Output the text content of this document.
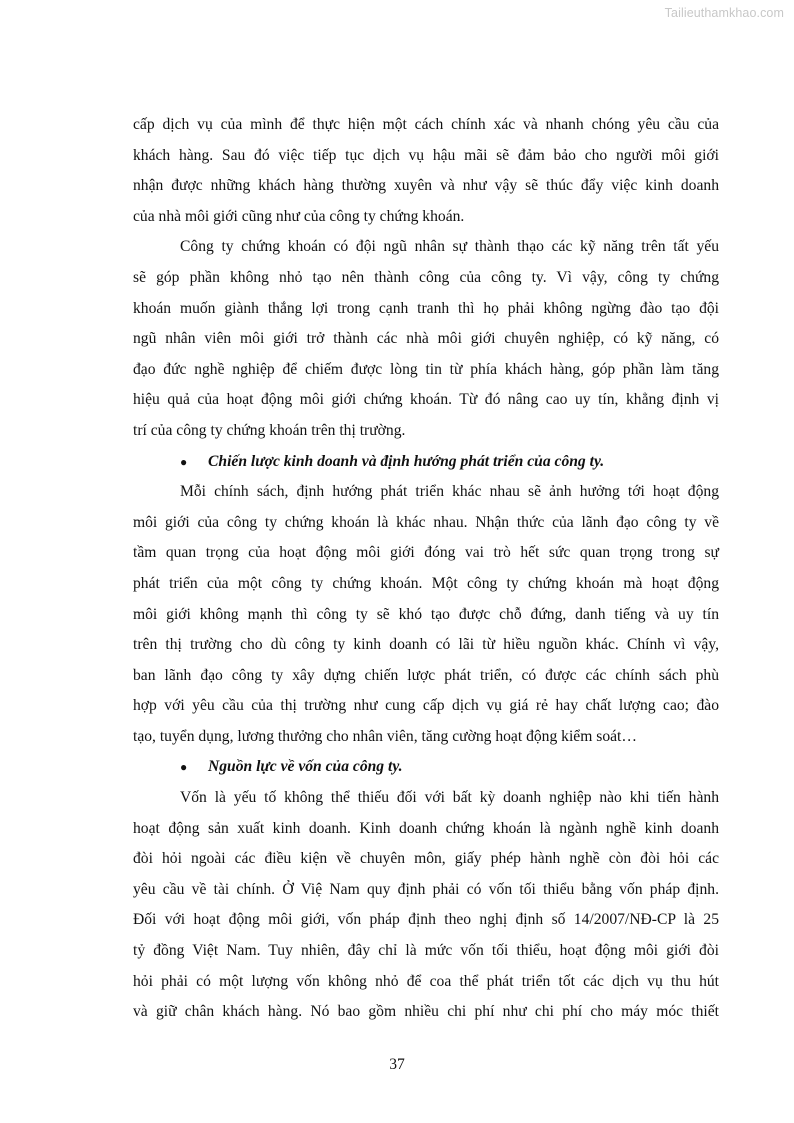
Tailieuthamkhao.com

cấp dịch vụ của mình để thực hiện một cách chính xác và nhanh chóng yêu cầu của
khách hàng. Sau đó việc tiếp tục dịch vụ hậu mãi sẽ đảm bảo cho người môi giới
nhận được những khách hàng thường xuyên và như vậy sẽ thúc đẩy việc kinh doanh
của nhà môi giới cũng như của công ty chứng khoán.

Công ty chứng khoán có đội ngũ nhân sự thành thạo các kỹ năng trên tất yếu
sẽ góp phần không nhỏ tạo nên thành công của công ty. Vì vậy, công ty chứng
khoán muốn giành thắng lợi trong cạnh tranh thì họ phải không ngừng đào tạo đội
ngũ nhân viên môi giới trở thành các nhà môi giới chuyên nghiệp, có kỹ năng, có
đạo đức nghề nghiệp để chiếm được lòng tin từ phía khách hàng, góp phần làm tăng
hiệu quả của hoạt động môi giới chứng khoán. Từ đó nâng cao uy tín, khẳng định vị
trí của công ty chứng khoán trên thị trường.

●	Chiến lược kinh doanh và định hướng phát triển của công ty.

Mỗi chính sách, định hướng phát triển khác nhau sẽ ảnh hưởng tới hoạt động
môi giới của công ty chứng khoán là khác nhau. Nhận thức của lãnh đạo công ty về
tầm quan trọng của hoạt động môi giới đóng vai trò hết sức quan trọng trong sự
phát triển của một công ty chứng khoán. Một công ty chứng khoán mà hoạt động
môi giới không mạnh thì công ty sẽ khó tạo được chỗ đứng, danh tiếng và uy tín
trên thị trường cho dù công ty kinh doanh có lãi từ hiều nguồn khác. Chính vì vậy,
ban lãnh đạo công ty xây dựng chiến lược phát triển, có được các chính sách phù
hợp với yêu cầu của thị trường như cung cấp dịch vụ giá rẻ hay chất lượng cao; đào
tạo, tuyển dụng, lương thưởng cho nhân viên, tăng cường hoạt động kiểm soát…

●	Nguồn lực về vốn của công ty.

Vốn là yếu tố không thể thiếu đối với bất kỳ doanh nghiệp nào khi tiến hành
hoạt động sản xuất kinh doanh. Kinh doanh chứng khoán là ngành nghề kinh doanh
đòi hỏi ngoài các điều kiện về chuyên môn, giấy phép hành nghề còn đòi hỏi các
yêu cầu về tài chính. Ở Việ Nam quy định phải có vốn tối thiểu bằng vốn pháp định.
Đối với hoạt động môi giới, vốn pháp định theo nghị định số 14/2007/NĐ-CP là 25
tỷ đồng Việt Nam. Tuy nhiên, đây chỉ là mức vốn tối thiểu, hoạt động môi giới đòi
hỏi phải có một lượng vốn không nhỏ để coa thể phát triển tốt các dịch vụ thu hút
và giữ chân khách hàng. Nó bao gồm nhiều chi phí như chi phí cho máy móc thiết

37
